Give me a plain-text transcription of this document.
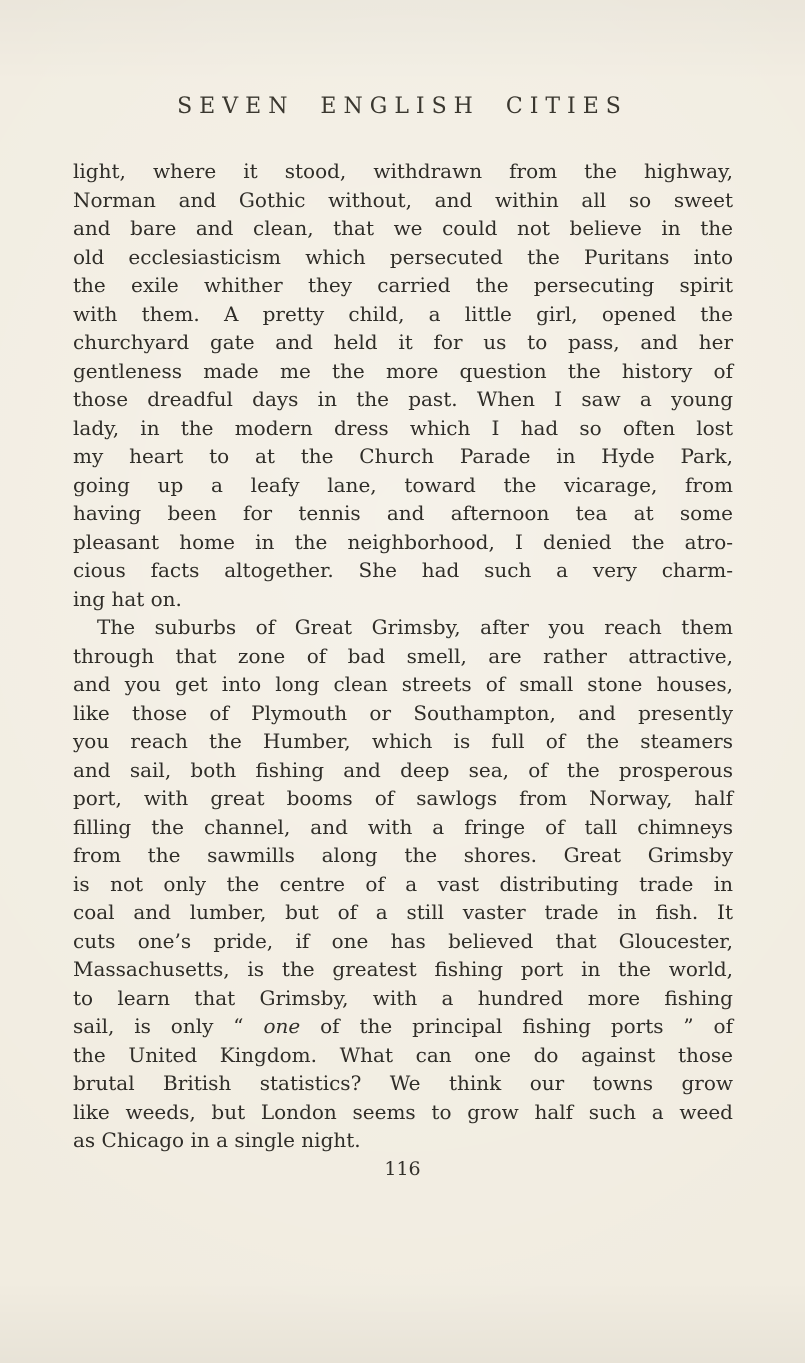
SEVEN ENGLISH CITIES
light, where it stood, withdrawn from the highway,
Norman and Gothic without, and within all so sweet
and bare and clean, that we could not believe in the
old ecclesiasticism which persecuted the Puritans into
the exile whither they carried the persecuting spirit
with them. A pretty child, a little girl, opened the
churchyard gate and held it for us to pass, and her
gentleness made me the more question the history of
those dreadful days in the past. When I saw a young
lady, in the modern dress which I had so often lost
my heart to at the Church Parade in Hyde Park,
going up a leafy lane, toward the vicarage, from
having been for tennis and afternoon tea at some
pleasant home in the neighborhood, I denied the atro-
cious facts altogether. She had such a very charm-
ing hat on.
The suburbs of Great Grimsby, after you reach them
through that zone of bad smell, are rather attractive,
and you get into long clean streets of small stone houses,
like those of Plymouth or Southampton, and presently
you reach the Humber, which is full of the steamers
and sail, both fishing and deep sea, of the prosperous
port, with great booms of sawlogs from Norway, half
filling the channel, and with a fringe of tall chimneys
from the sawmills along the shores. Great Grimsby
is not only the centre of a vast distributing trade in
coal and lumber, but of a still vaster trade in fish. It
cuts one’s pride, if one has believed that Gloucester,
Massachusetts, is the greatest fishing port in the world,
to learn that Grimsby, with a hundred more fishing
sail, is only “ one of the principal fishing ports ” of
the United Kingdom. What can one do against those
brutal British statistics? We think our towns grow
like weeds, but London seems to grow half such a weed
as Chicago in a single night.
116
